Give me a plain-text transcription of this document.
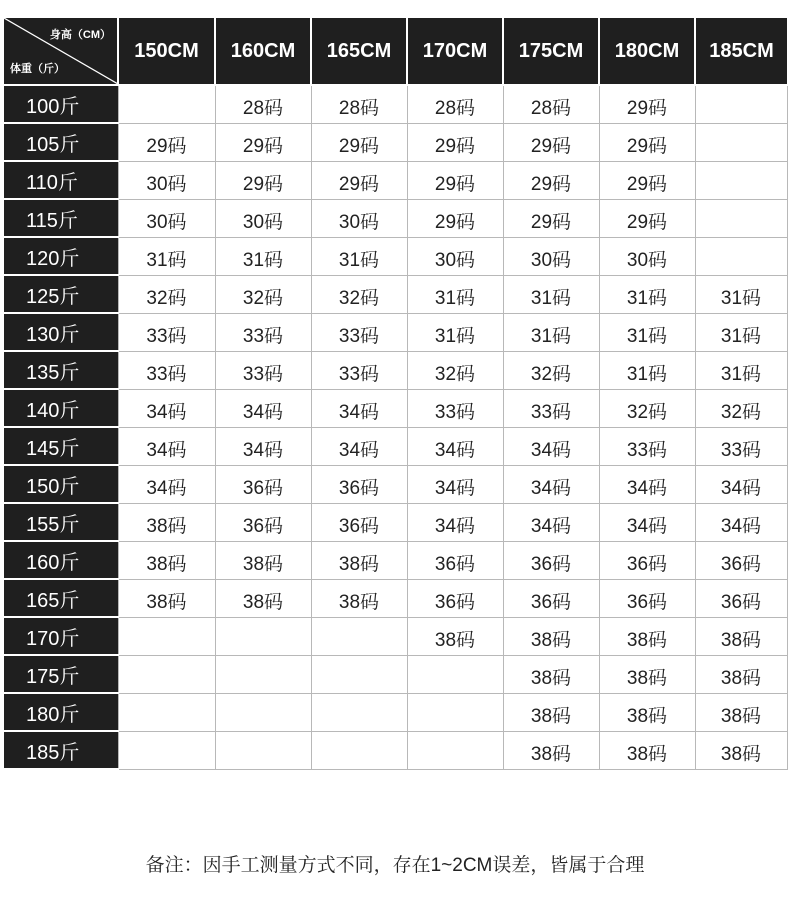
身高（CM）
体重（斤）	150CM	160CM	165CM	170CM	175CM	180CM	185CM
100斤		28码	28码	28码	28码	29码	
105斤	29码	29码	29码	29码	29码	29码	
110斤	30码	29码	29码	29码	29码	29码	
115斤	30码	30码	30码	29码	29码	29码	
120斤	31码	31码	31码	30码	30码	30码	
125斤	32码	32码	32码	31码	31码	31码	31码
130斤	33码	33码	33码	31码	31码	31码	31码
135斤	33码	33码	33码	32码	32码	31码	31码
140斤	34码	34码	34码	33码	33码	32码	32码
145斤	34码	34码	34码	34码	34码	33码	33码
150斤	34码	36码	36码	34码	34码	34码	34码
155斤	38码	36码	36码	34码	34码	34码	34码
160斤	38码	38码	38码	36码	36码	36码	36码
165斤	38码	38码	38码	36码	36码	36码	36码
170斤				38码	38码	38码	38码
175斤					38码	38码	38码
180斤					38码	38码	38码
185斤					38码	38码	38码
备注：因手工测量方式不同，存在1~2CM误差，皆属于合理
